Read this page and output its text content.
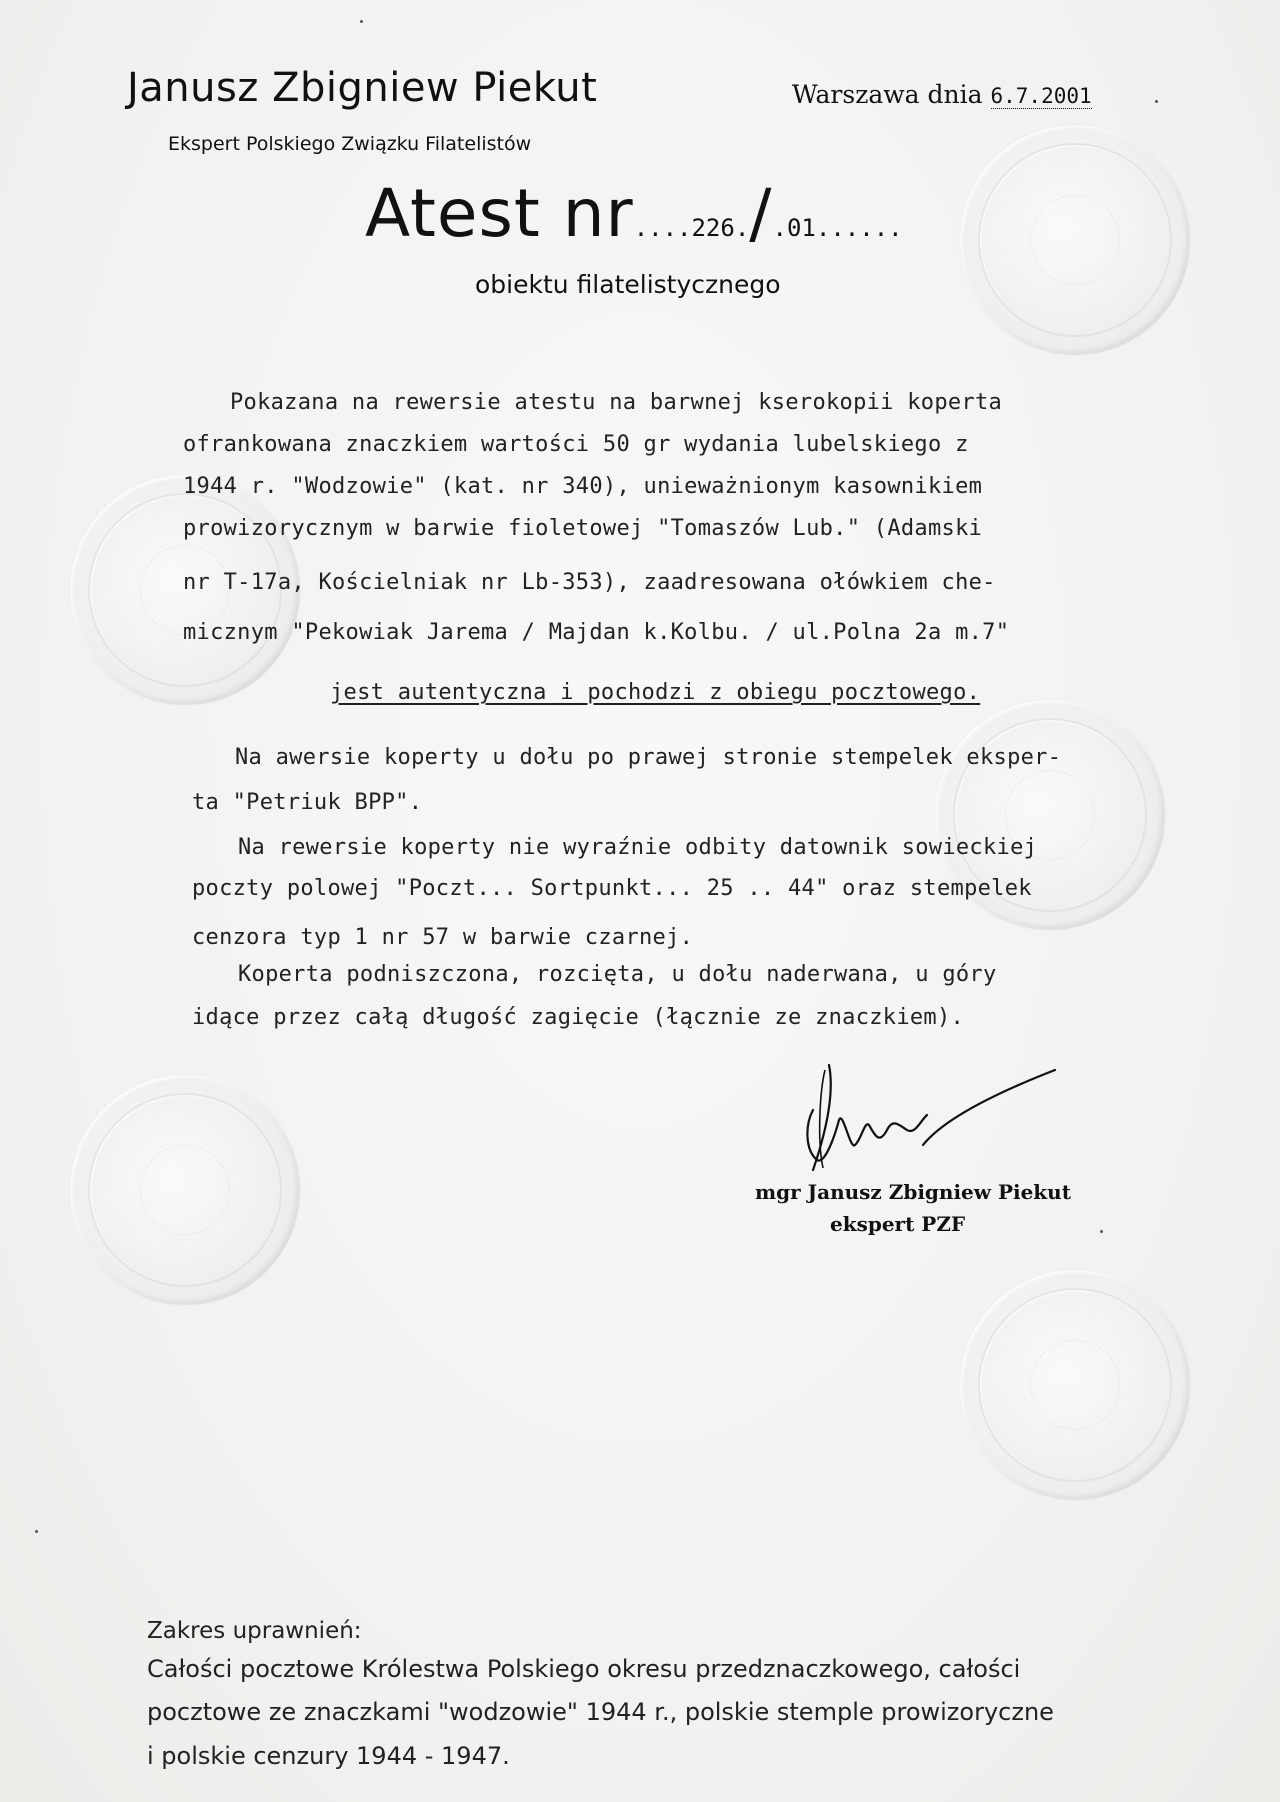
Janusz Zbigniew Piekut
Ekspert Polskiego Związku Filatelistów
Warszawa dnia 6.7.2001
Atest nr....226./.01......
obiektu filatelistycznego
Pokazana na rewersie atestu na barwnej kserokopii koperta
ofrankowana znaczkiem wartości 50 gr wydania lubelskiego z
1944 r. "Wodzowie" (kat. nr 340), unieważnionym kasownikiem
prowizorycznym w barwie fioletowej "Tomaszów Lub." (Adamski
nr T-17a, Kościelniak nr Lb-353), zaadresowana ołówkiem che-
micznym "Pekowiak Jarema / Majdan k.Kolbu. / ul.Polna 2a m.7"
jest autentyczna i pochodzi z obiegu pocztowego.
Na awersie koperty u dołu po prawej stronie stempelek eksper-
ta "Petriuk BPP".
Na rewersie koperty nie wyraźnie odbity datownik sowieckiej
poczty polowej "Poczt... Sortpunkt... 25 .. 44" oraz stempelek
cenzora typ 1 nr 57 w barwie czarnej.
Koperta podniszczona, rozcięta, u dołu naderwana, u góry
idące przez całą długość zagięcie (łącznie ze znaczkiem).
mgr Janusz Zbigniew Piekut
ekspert PZF
Zakres uprawnień:
Całości pocztowe Królestwa Polskiego okresu przedznaczkowego, całości
pocztowe ze znaczkami "wodzowie" 1944 r., polskie stemple prowizoryczne
i polskie cenzury 1944 - 1947.
